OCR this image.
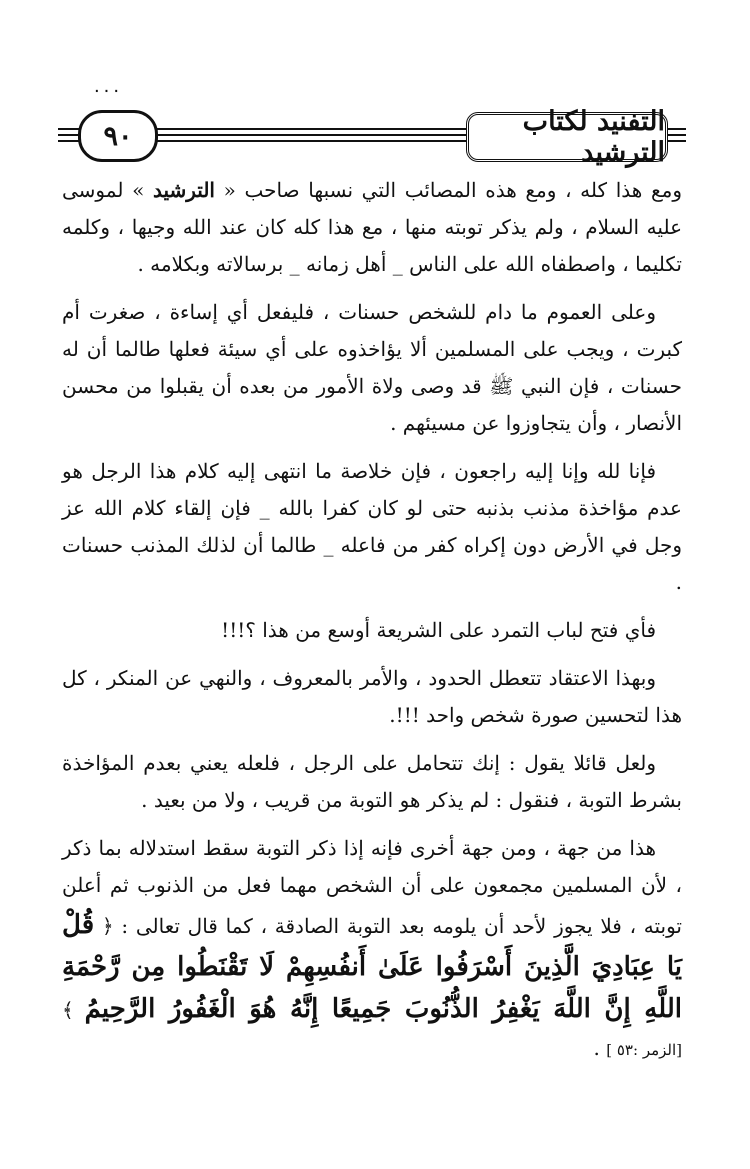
٠٠٠
٩٠	التفنيد لكتاب الترشيد

ومع هذا كله ، ومع هذه المصائب التي نسبها صاحب « الترشيد » لموسى عليه السلام ، ولم يذكر توبته منها ، مع هذا كله كان عند الله وجيها ، وكلمه تكليما ، واصطفاه الله على الناس _ أهل زمانه _ برسالاته وبكلامه .

وعلى العموم ما دام للشخص حسنات ، فليفعل أي إساءة ، صغرت أم كبرت ، ويجب على المسلمين ألا يؤاخذوه على أي سيئة فعلها طالما أن له حسنات ، فإن النبي ﷺ قد وصى ولاة الأمور من بعده أن يقبلوا من محسن الأنصار ، وأن يتجاوزوا عن مسيئهم .

فإنا لله وإنا إليه راجعون ، فإن خلاصة ما انتهى إليه كلام هذا الرجل هو عدم مؤاخذة مذنب بذنبه حتى لو كان كفرا بالله _ فإن إلقاء كلام الله عز وجل في الأرض دون إكراه كفر من فاعله _ طالما أن لذلك المذنب حسنات .

فأي فتح لباب التمرد على الشريعة أوسع من هذا ؟!!!

وبهذا الاعتقاد تتعطل الحدود ، والأمر بالمعروف ، والنهي عن المنكر ، كل هذا لتحسين صورة شخص واحد !!!.

ولعل قائلا يقول : إنك تتحامل على الرجل ، فلعله يعني بعدم المؤاخذة بشرط التوبة ، فنقول : لم يذكر هو التوبة من قريب ، ولا من بعيد .

هذا من جهة ، ومن جهة أخرى فإنه إذا ذكر التوبة سقط استدلاله بما ذكر ، لأن المسلمين مجمعون على أن الشخص مهما فعل من الذنوب ثم أعلن توبته ، فلا يجوز لأحد أن يلومه بعد التوبة الصادقة ، كما قال تعالى : ﴿ قُلْ يَا عِبَادِيَ الَّذِينَ أَسْرَفُوا عَلَىٰ أَنفُسِهِمْ لَا تَقْنَطُوا مِن رَّحْمَةِ اللَّهِ إِنَّ اللَّهَ يَغْفِرُ الذُّنُوبَ جَمِيعًا إِنَّهُ هُوَ الْغَفُورُ الرَّحِيمُ ﴾ [الزمر :٥٣ ] .
